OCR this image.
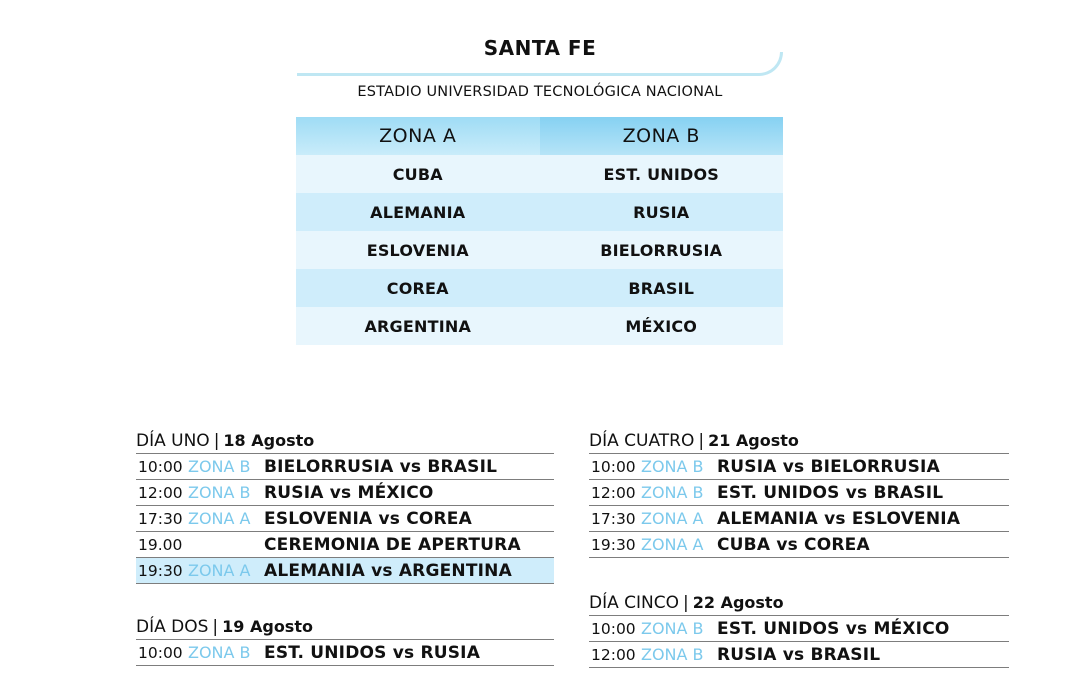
SANTA FE
ESTADIO UNIVERSIDAD TECNOLÓGICA NACIONAL
ZONA A	ZONA B
CUBA	EST. UNIDOS
ALEMANIA	RUSIA
ESLOVENIA	BIELORRUSIA
COREA	BRASIL
ARGENTINA	MÉXICO
DÍA UNO | 18 Agosto
10:00 ZONA B BIELORRUSIA vs BRASIL
12:00 ZONA B RUSIA vs MÉXICO
17:30 ZONA A ESLOVENIA vs COREA
19.00	CEREMONIA DE APERTURA
19:30 ZONA A ALEMANIA vs ARGENTINA
DÍA DOS | 19 Agosto
10:00 ZONA B EST. UNIDOS vs RUSIA
DÍA CUATRO | 21 Agosto
10:00 ZONA B RUSIA vs BIELORRUSIA
12:00 ZONA B EST. UNIDOS vs BRASIL
17:30 ZONA A ALEMANIA vs ESLOVENIA
19:30 ZONA A CUBA vs COREA
DÍA CINCO | 22 Agosto
10:00 ZONA B EST. UNIDOS vs MÉXICO
12:00 ZONA B RUSIA vs BRASIL
